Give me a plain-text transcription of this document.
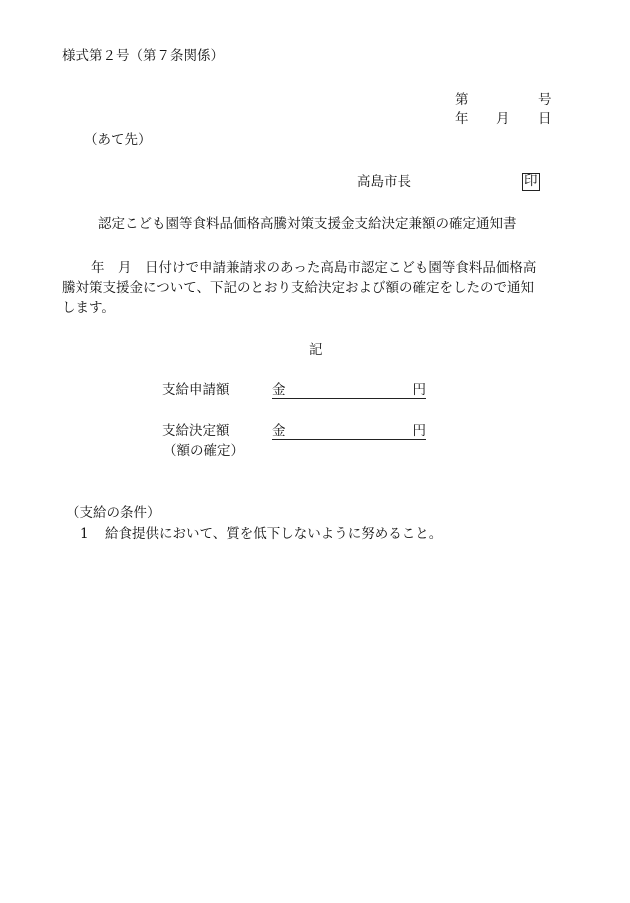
様式第２号（第７条関係）
第	号
年 月 日
（あて先）
高島市長	印
認定こども園等食料品価格高騰対策支援金支給決定兼額の確定通知書
年　月　日付けで申請兼請求のあった高島市認定こども園等食料品価格高
騰対策支援金について、下記のとおり支給決定および額の確定をしたので通知
します。
記
支給申請額	金	円
支給決定額	金	円
（額の確定）
（支給の条件）
1 給食提供において、質を低下しないように努めること。
